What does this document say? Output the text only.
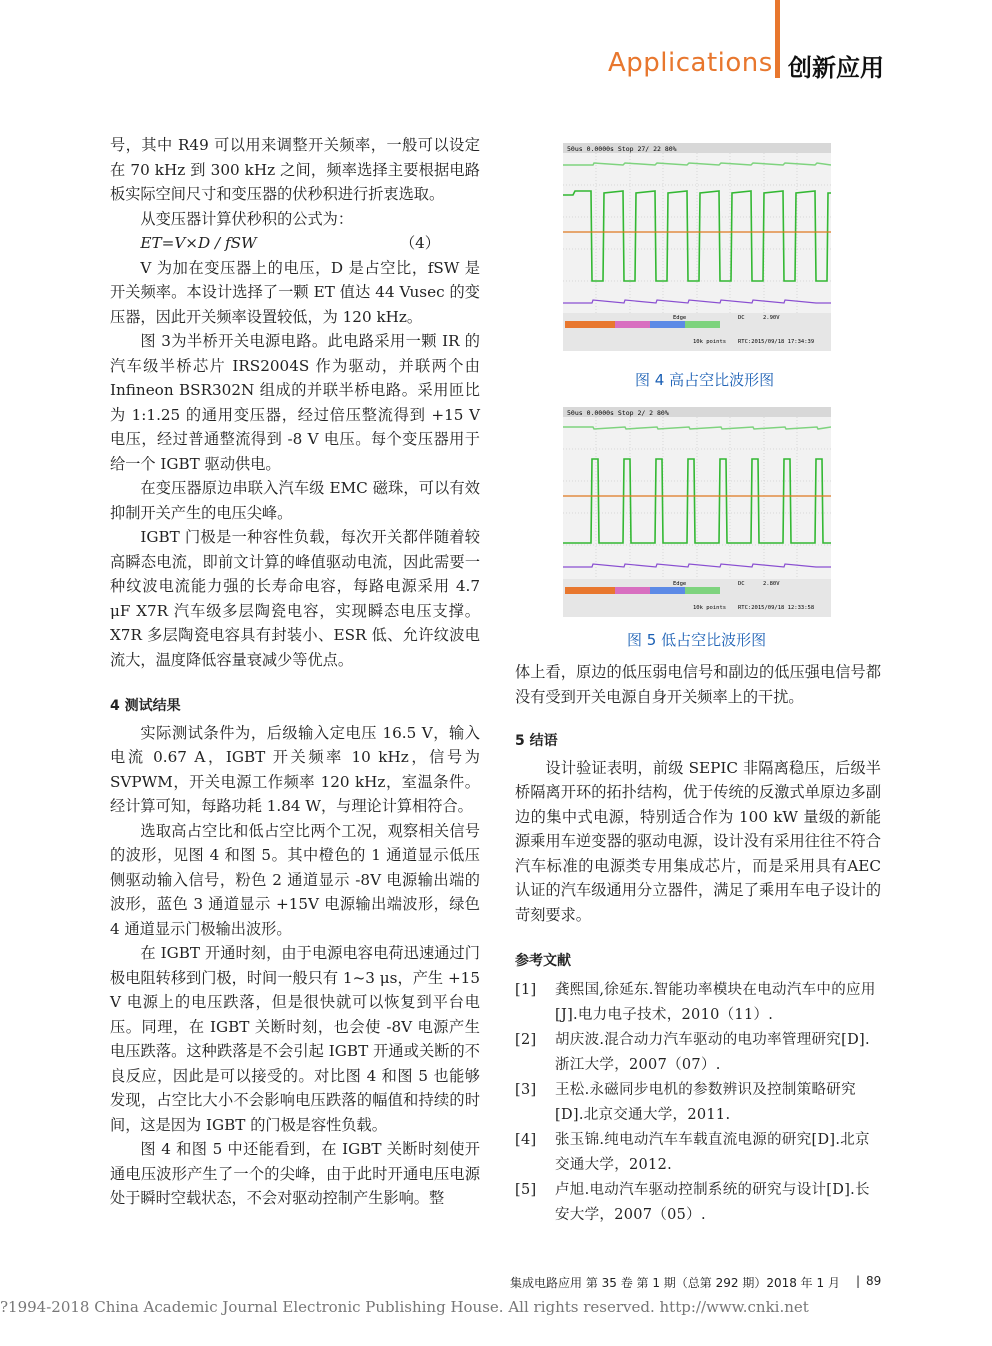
Applications 创新应用

号，其中 R49 可以用来调整开关频率，一般可以设定在 70 kHz 到 300 kHz 之间，频率选择主要根据电路板实际空间尺寸和变压器的伏秒积进行折衷选取。

从变压器计算伏秒积的公式为：

ET=V×D / fSW	（4）

V 为加在变压器上的电压，D 是占空比，fSW 是开关频率。本设计选择了一颗 ET 值达 44 Vusec 的变压器，因此开关频率设置较低，为 120 kHz。

图 3为半桥开关电源电路。此电路采用一颗 IR 的汽车级半桥芯片 IRS2004S 作为驱动，并联两个由 Infineon BSR302N 组成的并联半桥电路。采用匝比为 1:1.25 的通用变压器，经过倍压整流得到 +15 V 电压，经过普通整流得到 -8 V 电压。每个变压器用于给一个 IGBT 驱动供电。

在变压器原边串联入汽车级 EMC 磁珠，可以有效抑制开关产生的电压尖峰。

IGBT 门极是一种容性负载，每次开关都伴随着较高瞬态电流，即前文计算的峰值驱动电流，因此需要一种纹波电流能力强的长寿命电容，每路电源采用 4.7 μF X7R 汽车级多层陶瓷电容，实现瞬态电压支撑。X7R 多层陶瓷电容具有封装小、ESR 低、允许纹波电流大，温度降低容量衰减少等优点。

4 测试结果

实际测试条件为，后级输入定电压 16.5 V，输入电流 0.67 A，IGBT 开关频率 10 kHz，信号为 SVPWM，开关电源工作频率 120 kHz，室温条件。经计算可知，每路功耗 1.84 W，与理论计算相符合。

选取高占空比和低占空比两个工况，观察相关信号的波形，见图 4 和图 5。其中橙色的 1 通道显示低压侧驱动输入信号，粉色 2 通道显示 -8V 电源输出端的波形，蓝色 3 通道显示 +15V 电源输出端波形，绿色 4 通道显示门极输出波形。

在 IGBT 开通时刻，由于电源电容电荷迅速通过门极电阻转移到门极，时间一般只有 1~3 μs，产生 +15 V 电源上的电压跌落，但是很快就可以恢复到平台电压。同理，在 IGBT 关断时刻，也会使 -8V 电源产生电压跌落。这种跌落是不会引起 IGBT 开通或关断的不良反应，因此是可以接受的。对比图 4 和图 5 也能够发现，占空比大小不会影响电压跌落的幅值和持续的时间，这是因为 IGBT 的门极是容性负载。

图 4 和图 5 中还能看到，在 IGBT 关断时刻使开通电压波形产生了一个的尖峰，由于此时开通电压电源处于瞬时空载状态，不会对驱动控制产生影响。整

50us 0.0000s Stop 27/ 22 80%
Edge	DC	2.90V
10k points RTC:2015/09/18 17:34:39
图 4 高占空比波形图
50us 0.0000s Stop 2/ 2 80%
Edge	DC	2.80V
10k points RTC:2015/09/18 12:33:58
图 5 低占空比波形图

体上看，原边的低压弱电信号和副边的低压强电信号都没有受到开关电源自身开关频率上的干扰。

5 结语

设计验证表明，前级 SEPIC 非隔离稳压，后级半桥隔离开环的拓扑结构，优于传统的反激式单原边多副边的集中式电源，特别适合作为 100 kW 量级的新能源乘用车逆变器的驱动电源，设计没有采用往往不符合汽车标准的电源类专用集成芯片，而是采用具有AEC 认证的汽车级通用分立器件，满足了乘用车电子设计的苛刻要求。

参考文献

[1]	龚熙国,徐延东.智能功率模块在电动汽车中的应用[J].电力电子技术，2010（11）.
[2]	胡庆波.混合动力汽车驱动的电功率管理研究[D].浙江大学，2007（07）.
[3]	王松.永磁同步电机的参数辨识及控制策略研究[D].北京交通大学，2011.
[4]	张玉锦.纯电动汽车车载直流电源的研究[D].北京交通大学，2012.
[5]	卢旭.电动汽车驱动控制系统的研究与设计[D].长安大学，2007（05）.
集成电路应用 第 35 卷 第 1 期（总第 292 期）2018 年 1 月 | 89
?1994-2018 China Academic Journal Electronic Publishing House. All rights reserved. http://www.cnki.net
